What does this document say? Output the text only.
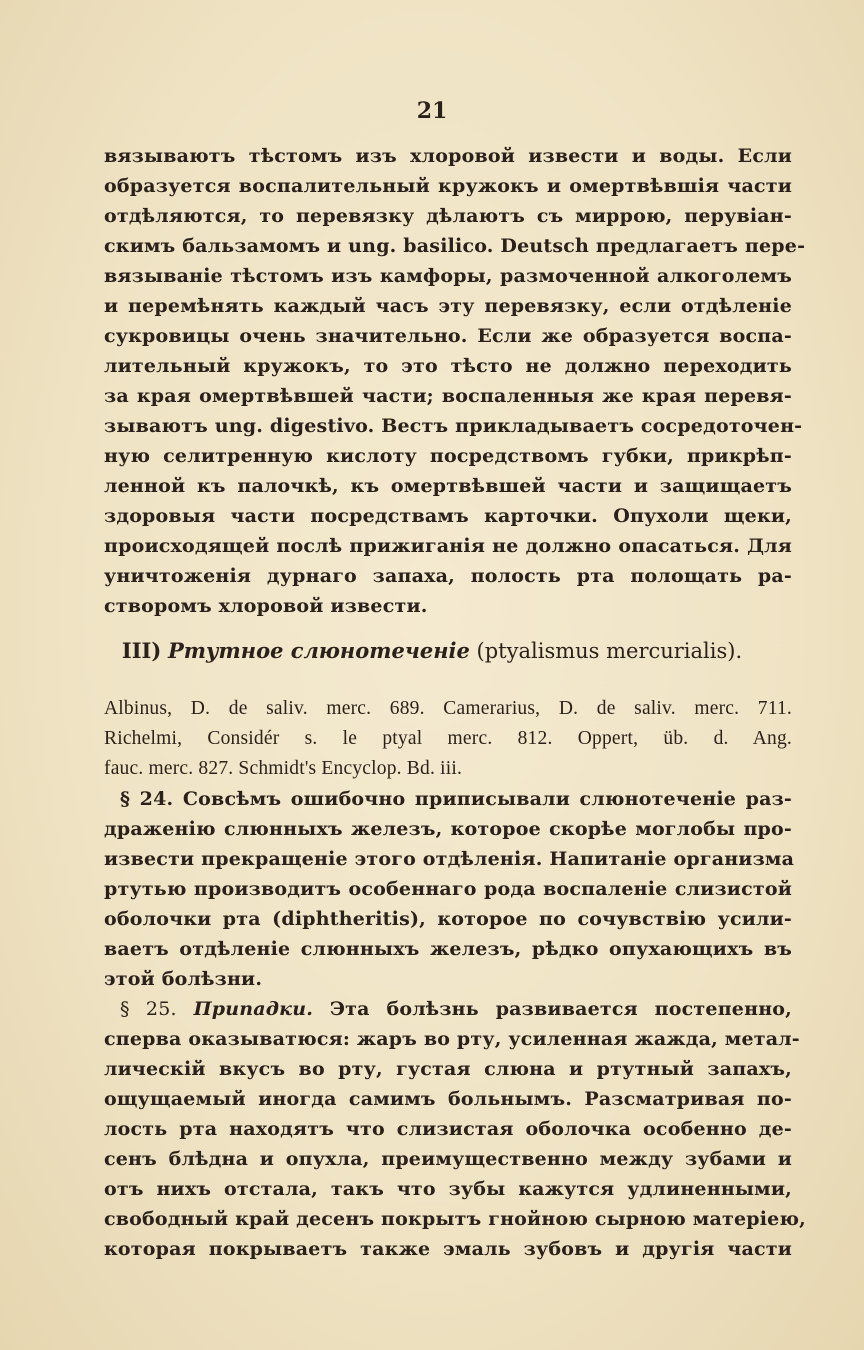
21
вязываютъ тѣстомъ изъ хлоровой извести и воды. Если
образуется воспалительный кружокъ и омертвѣвшія части
отдѣляются, то перевязку дѣлаютъ съ миррою, перувіан-
скимъ бальзамомъ и ung. basilico. Deutsch предлагаетъ пере-
вязыванiе тѣстомъ изъ камфоры, размоченной алкоголемъ
и перемѣнять каждый часъ эту перевязку, если отдѣленіе
сукровицы очень значительно. Если же образуется воспа-
лительный кружокъ, то это тѣсто не должно переходить
за края омертвѣвшей части; воспаленныя же края перевя-
зываютъ ung. digestivo. Вестъ прикладываетъ сосредоточен-
ную селитренную кислоту посредствомъ губки, прикрѣп-
ленной къ палочкѣ, къ омертвѣвшей части и защищаетъ
здоровыя части посредствамъ карточки. Опухоли щеки,
происходящей послѣ прижиганія не должно опасаться. Для
уничтоженія дурнаго запаха, полость рта полощать ра-
створомъ хлоровой извести.
III) Ртутное слюнотеченіе (ptyalismus mercurialis).
Albinus, D. de saliv. merc. 689. Camerarius, D. de saliv. merc. 711.
Richelmi, Considér s. le ptyal merc. 812. Oppert, üb. d. Ang.
fauc. merc. 827. Schmidt's Encyclop. Bd. iii.
§ 24. Совсѣмъ ошибочно приписывали слюнотеченіе раз-
драженію слюнныхъ железъ, которое скорѣе моглобы про-
извести прекращеніе этого отдѣленія. Напитаніе организма
ртутью производитъ особеннаго рода воспаленіе слизистой
оболочки рта (diphtheritis), которое по сочувствію усили-
ваетъ отдѣленіе слюнныхъ железъ, рѣдко опухающихъ въ
этой болѣзни.
§ 25. Припадки. Эта болѣзнь развивается постепенно,
сперва оказыватюся: жаръ во рту, усиленная жажда, метал-
лическій вкусъ во рту, густая слюна и ртутный запахъ,
ощущаемый иногда самимъ больнымъ. Разсматривая по-
лость рта находятъ что слизистая оболочка особенно де-
сенъ блѣдна и опухла, преимущественно между зубами и
отъ нихъ отстала, такъ что зубы кажутся удлиненными,
свободный край десенъ покрытъ гнойною сырною матеріею,
которая покрываетъ также эмаль зубовъ и другія части
